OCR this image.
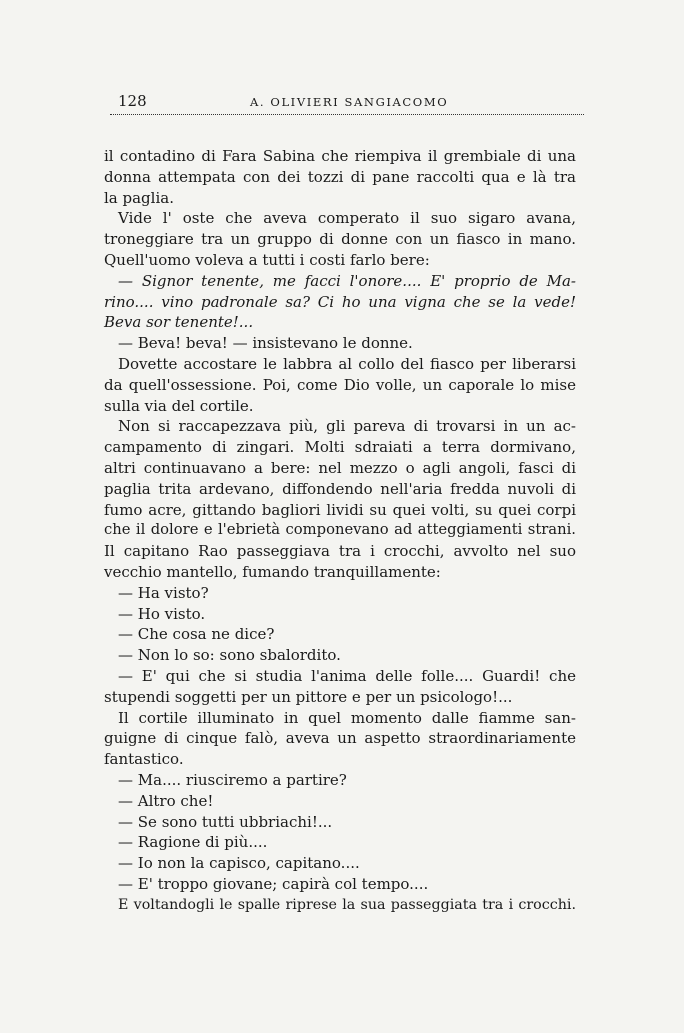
128	A. OLIVIERI SANGIACOMO
il contadino di Fara Sabina che riempiva il grembiale di una
donna attempata con dei tozzi di pane raccolti qua e là tra
la paglia.
Vide l' oste che aveva comperato il suo sigaro avana,
troneggiare tra un gruppo di donne con un fiasco in mano.
Quell'uomo voleva a tutti i costi farlo bere:
— Signor tenente, me facci l'onore.... E' proprio de Ma-
rino.... vino padronale sa? Ci ho una vigna che se la vede!
Beva sor tenente!...
— Beva! beva! — insistevano le donne.
Dovette accostare le labbra al collo del fiasco per liberarsi
da quell'ossessione. Poi, come Dio volle, un caporale lo mise
sulla via del cortile.
Non si raccapezzava più, gli pareva di trovarsi in un ac-
campamento di zingari. Molti sdraiati a terra dormivano,
altri continuavano a bere: nel mezzo o agli angoli, fasci di
paglia trita ardevano, diffondendo nell'aria fredda nuvoli di
fumo acre, gittando bagliori lividi su quei volti, su quei corpi
che il dolore e l'ebrietà componevano ad atteggiamenti strani.
Il capitano Rao passeggiava tra i crocchi, avvolto nel suo
vecchio mantello, fumando tranquillamente:
— Ha visto?
— Ho visto.
— Che cosa ne dice?
— Non lo so: sono sbalordito.
— E' qui che si studia l'anima delle folle.... Guardi! che
stupendi soggetti per un pittore e per un psicologo!...
Il cortile illuminato in quel momento dalle fiamme san-
guigne di cinque falò, aveva un aspetto straordinariamente
fantastico.
— Ma.... riusciremo a partire?
— Altro che!
— Se sono tutti ubbriachi!...
— Ragione di più....
— Io non la capisco, capitano....
— E' troppo giovane; capirà col tempo....
E voltandogli le spalle riprese la sua passeggiata tra i crocchi.
